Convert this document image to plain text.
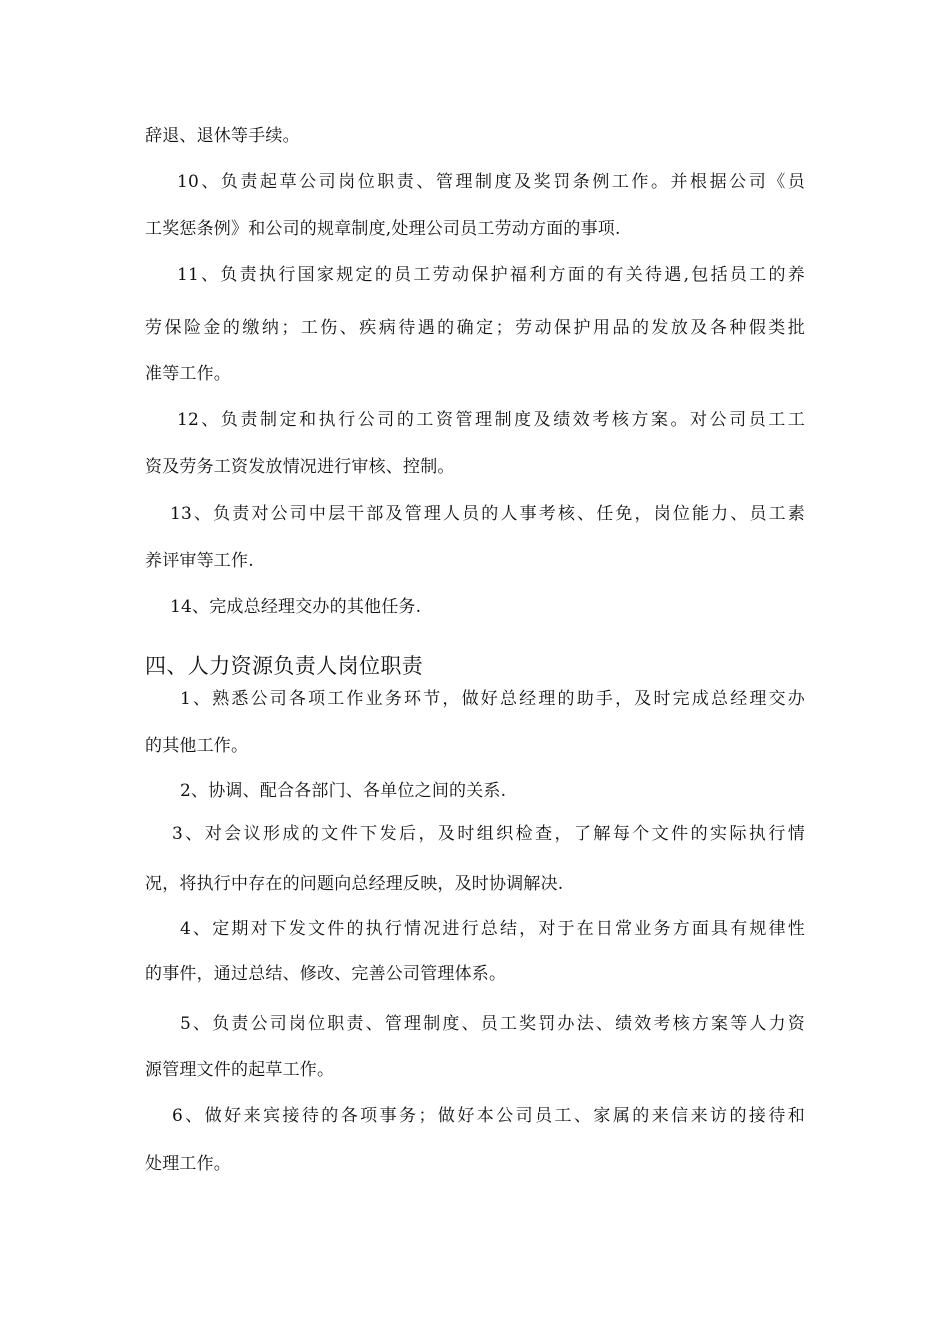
辞退、退休等手续。
10、负责起草公司岗位职责、管理制度及奖罚条例工作。并根据公司《员
工奖惩条例》和公司的规章制度,处理公司员工劳动方面的事项.
11、负责执行国家规定的员工劳动保护福利方面的有关待遇,包括员工的养
劳保险金的缴纳；工伤、疾病待遇的确定；劳动保护用品的发放及各种假类批
准等工作。
12、负责制定和执行公司的工资管理制度及绩效考核方案。对公司员工工
资及劳务工资发放情况进行审核、控制。
13、负责对公司中层干部及管理人员的人事考核、任免，岗位能力、员工素
养评审等工作.
14、完成总经理交办的其他任务.
四、人力资源负责人岗位职责
1、熟悉公司各项工作业务环节，做好总经理的助手，及时完成总经理交办
的其他工作。
2、协调、配合各部门、各单位之间的关系.
3、对会议形成的文件下发后，及时组织检查，了解每个文件的实际执行情
况，将执行中存在的问题向总经理反映，及时协调解决.
4、定期对下发文件的执行情况进行总结，对于在日常业务方面具有规律性
的事件，通过总结、修改、完善公司管理体系。
5、负责公司岗位职责、管理制度、员工奖罚办法、绩效考核方案等人力资
源管理文件的起草工作。
6、做好来宾接待的各项事务；做好本公司员工、家属的来信来访的接待和
处理工作。
